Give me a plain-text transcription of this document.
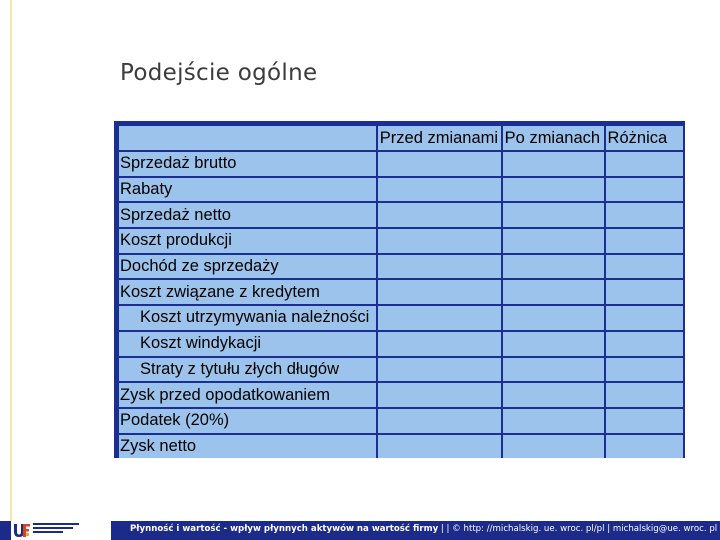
Podejście ogólne
	Przed zmianami	Po zmianach	Różnica
Sprzedaż brutto			
Rabaty			
Sprzedaż netto			
Koszt produkcji			
Dochód ze sprzedaży			
Koszt związane z kredytem			
Koszt utrzymywania należności			
Koszt windykacji			
Straty z tytułu złych długów			
Zysk przed opodatkowaniem			
Podatek (20%)			
Zysk netto			
Płynność i wartość - wpływ płynnych aktywów na wartość firmy | | © http: //michalskig. ue. wroc. pl/pl | michalskig@ue. wroc. pl
